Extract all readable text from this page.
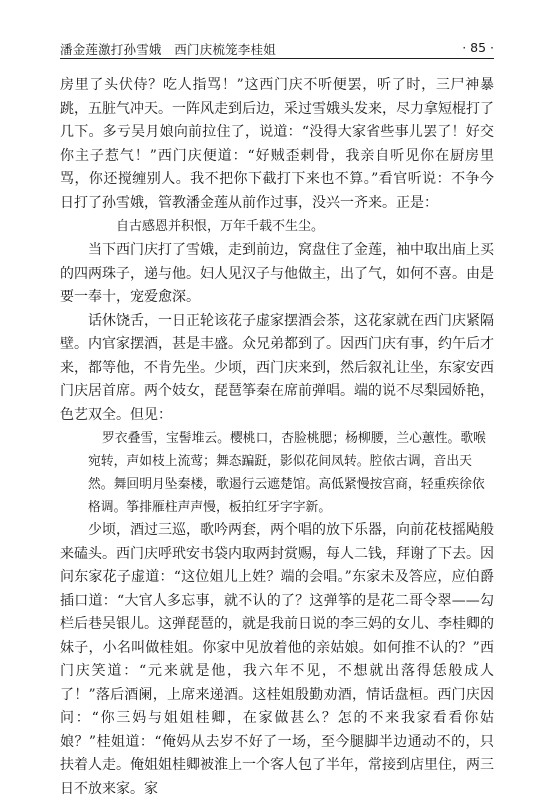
潘金莲激打孙雪娥　西门庆梳笼李桂姐	· 85 ·

房里了头伏侍？吃人指骂！”这西门庆不听便罢，听了时，三尸神暴跳，五脏气冲天。一阵风走到后边，采过雪娥头发来，尽力拿短棍打了几下。多亏吴月娘向前拉住了，说道：“没得大家省些事儿罢了！好交你主子惹气！”西门庆便道：“好贼歪剌骨，我亲自听见你在厨房里骂，你还搅缠别人。我不把你下截打下来也不算。”看官听说：不争今日打了孙雪娥，管教潘金莲从前作过事，没兴一齐来。正是：

自古感恩并积恨，万年千载不生尘。

当下西门庆打了雪娥，走到前边，窝盘住了金莲，袖中取出庙上买的四两珠子，递与他。妇人见汉子与他做主，出了气，如何不喜。由是要一奉十，宠爱愈深。

话休饶舌，一日正轮该花子虚家摆酒会茶，这花家就在西门庆紧隔壁。内官家摆酒，甚是丰盛。众兄弟都到了。因西门庆有事，约午后才来，都等他，不肯先坐。少顷，西门庆来到，然后叙礼让坐，东家安西门庆居首席。两个妓女，琵琶筝秦在席前弹唱。端的说不尽梨园娇艳，色艺双全。但见：

罗衣叠雪，宝髻堆云。樱桃口，杏脸桃腮；杨柳腰，兰心蕙性。歌喉宛转，声如枝上流莺；舞态蹁跹，影似花间凤转。腔依古调，音出天然。舞回明月坠秦楼，歌遏行云遮楚馆。高低紧慢按宫商，轻重疾徐依格调。筝排雁柱声声慢，板拍红牙字字新。

少顷，酒过三巡，歌吟两套，两个唱的放下乐器，向前花枝摇飐般来磕头。西门庆呼玳安书袋内取两封赏赐，每人二钱，拜谢了下去。因问东家花子虚道：“这位姐儿上姓？端的会唱。”东家未及答应，应伯爵插口道：“大官人多忘事，就不认的了？这弹筝的是花二哥令翠——勾栏后巷吴银儿。这弹琵琶的，就是我前日说的李三妈的女儿、李桂卿的妹子，小名叫做桂姐。你家中见放着他的亲姑娘。如何推不认的？”西门庆笑道：“元来就是他，我六年不见，不想就出落得恁般成人了！”落后酒阑，上席来递酒。这桂姐殷勤劝酒，情话盘桓。西门庆因问：“你三妈与姐姐桂卿，在家做甚么？怎的不来我家看看你姑娘？”桂姐道：“俺妈从去岁不好了一场，至今腿脚半边通动不的，只扶着人走。俺姐姐桂卿被淮上一个客人包了半年，常接到店里住，两三日不放来家。家
